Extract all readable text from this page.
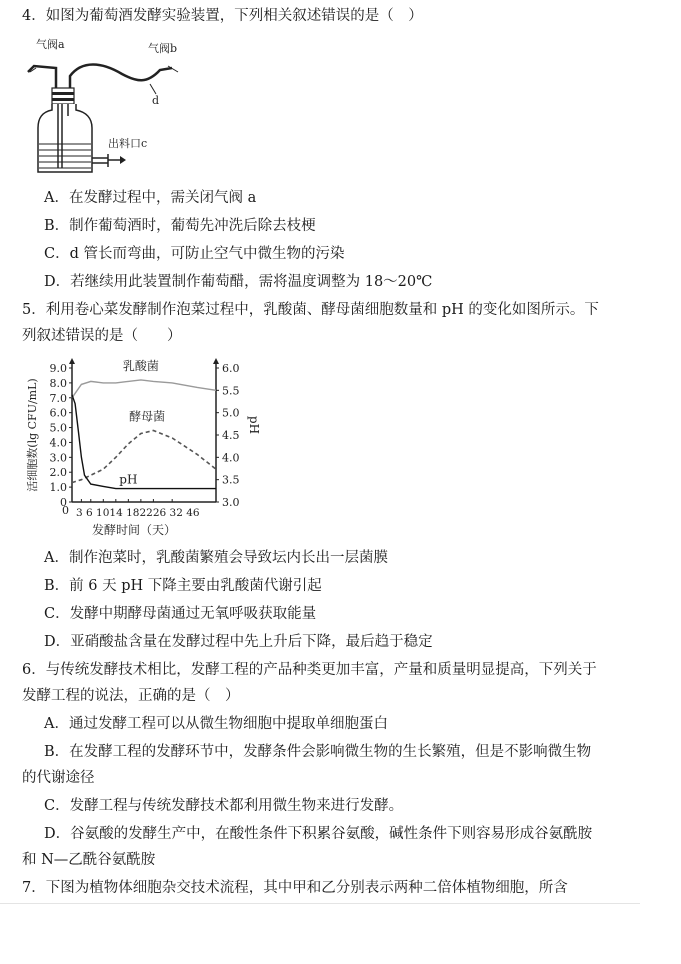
4．如图为葡萄酒发酵实验装置，下列相关叙述错误的是（　）
气阀a	气阀b
d
出料口c
A．在发酵过程中，需关闭气阀 a
B．制作葡萄酒时，葡萄先冲洗后除去枝梗
C．d 管长而弯曲，可防止空气中微生物的污染
D．若继续用此装置制作葡萄醋，需将温度调整为 18～20℃
5．利用卷心菜发酵制作泡菜过程中，乳酸菌、酵母菌细胞数量和 pH 的变化如图所示。下
列叙述错误的是（　　）
0
1.0
2.0
3.0
4.0
5.0
6.0
7.0
8.0
9.0
3.0
3.5
4.0
4.5
5.0
5.5
6.0
3 6 1014 182226 32 46
0
发酵时间（天）
活细胞数(lg CFU/mL)	pH
乳酸菌
酵母菌
pH
A．制作泡菜时，乳酸菌繁殖会导致坛内长出一层菌膜
B．前 6 天 pH 下降主要由乳酸菌代谢引起
C．发酵中期酵母菌通过无氧呼吸获取能量
D．亚硝酸盐含量在发酵过程中先上升后下降，最后趋于稳定
6．与传统发酵技术相比，发酵工程的产品种类更加丰富，产量和质量明显提高，下列关于
发酵工程的说法，正确的是（　）
A．通过发酵工程可以从微生物细胞中提取单细胞蛋白
B．在发酵工程的发酵环节中，发酵条件会影响微生物的生长繁殖，但是不影响微生物
的代谢途径
C．发酵工程与传统发酵技术都利用微生物来进行发酵。
D．谷氨酸的发酵生产中，在酸性条件下积累谷氨酸，碱性条件下则容易形成谷氨酰胺
和 N—乙酰谷氨酰胺
7．下图为植物体细胞杂交技术流程，其中甲和乙分别表示两种二倍体植物细胞，所含
